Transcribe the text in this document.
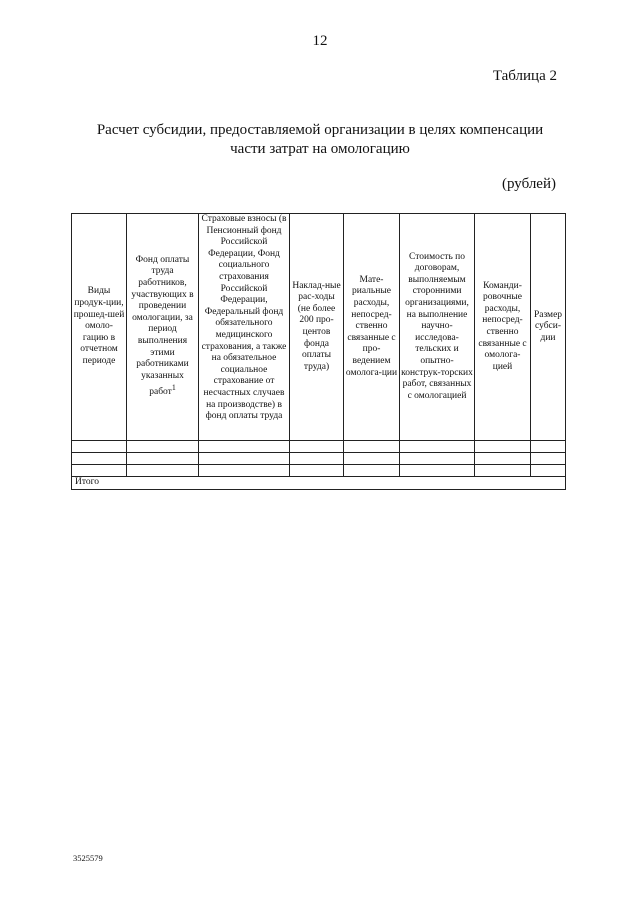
12
Таблица 2
Расчет субсидии, предоставляемой организации в целях компенсации
части затрат на омологацию
(рублей)
Виды продук-ции, прошед-шей омоло-гацию в отчетном периоде	Фонд оплаты труда работников, участвующих в проведении омологации, за период выполнения этими работниками указанных работ$^1$	Страховые взносы (в Пенсионный фонд Российской Федерации, Фонд социального страхования Российской Федерации, Федеральный фонд обязательного медицинского страхования, а также на обязательное социальное страхование от несчастных случаев на производстве) в фонд оплаты труда	Наклад-ные рас-ходы (не более 200 про-центов фонда оплаты труда)	Мате-риальные расходы, непосред-ственно связанные с про-ведением омолога-ции	Стоимость по договорам, выполняемым сторонними организациями, на выполнение научно-исследова-тельских и опытно-конструк-торских работ, связанных с омологацией	Команди-ровочные расходы, непосред-ственно связанные с омолога-цией	Размер субси-дии

Итого							
3525579
